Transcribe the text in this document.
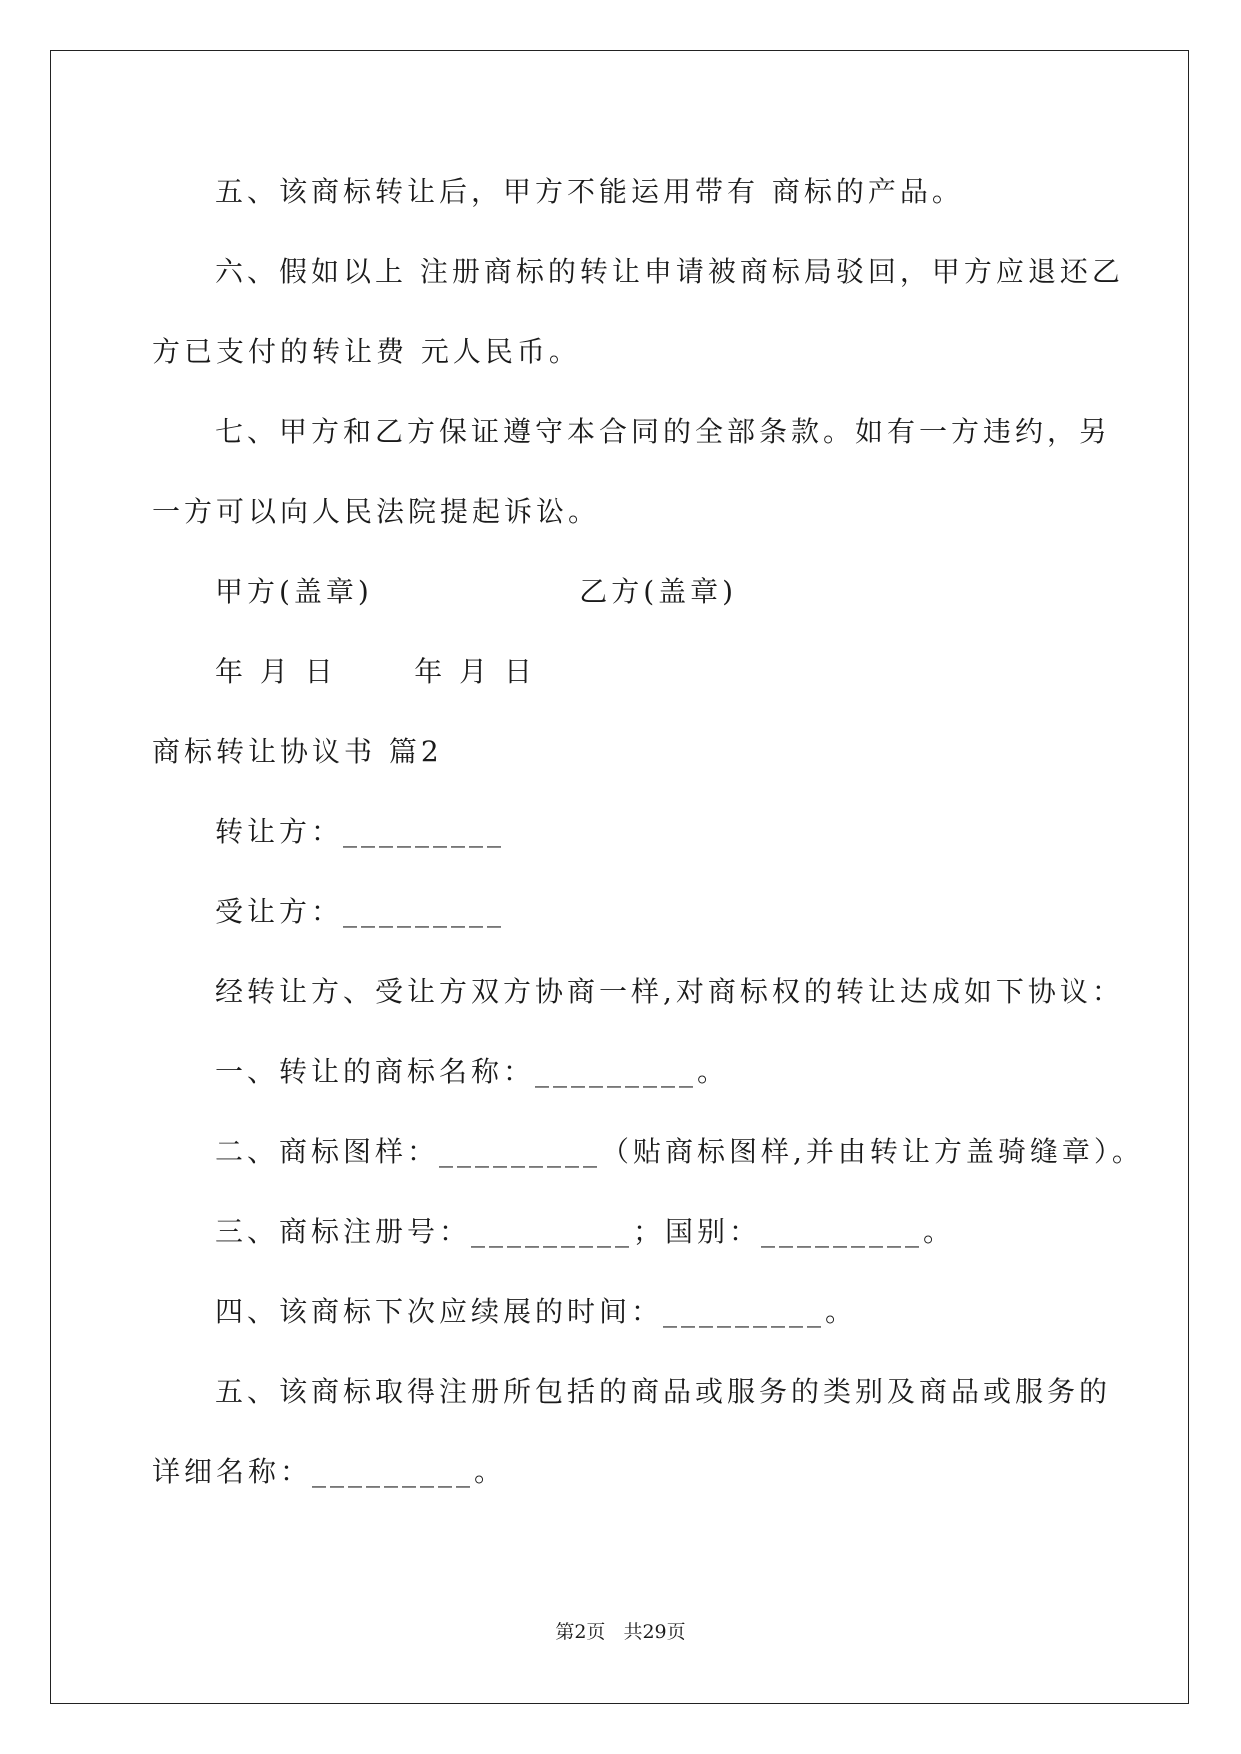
五、该商标转让后，甲方不能运用带有 商标的产品。
六、假如以上 注册商标的转让申请被商标局驳回，甲方应退还乙
方已支付的转让费 元人民币。
七、甲方和乙方保证遵守本合同的全部条款。如有一方违约，另
一方可以向人民法院提起诉讼。
甲方(盖章)                乙方(盖章)
年 月 日      年 月 日
商标转让协议书 篇2
转让方：_________
受让方：_________
经转让方、受让方双方协商一样,对商标权的转让达成如下协议：
一、转让的商标名称：_________。
二、商标图样：_________（贴商标图样,并由转让方盖骑缝章）。
三、商标注册号：_________；国别：_________。
四、该商标下次应续展的时间：_________。
五、该商标取得注册所包括的商品或服务的类别及商品或服务的
详细名称：_________。
第2页 共29页
